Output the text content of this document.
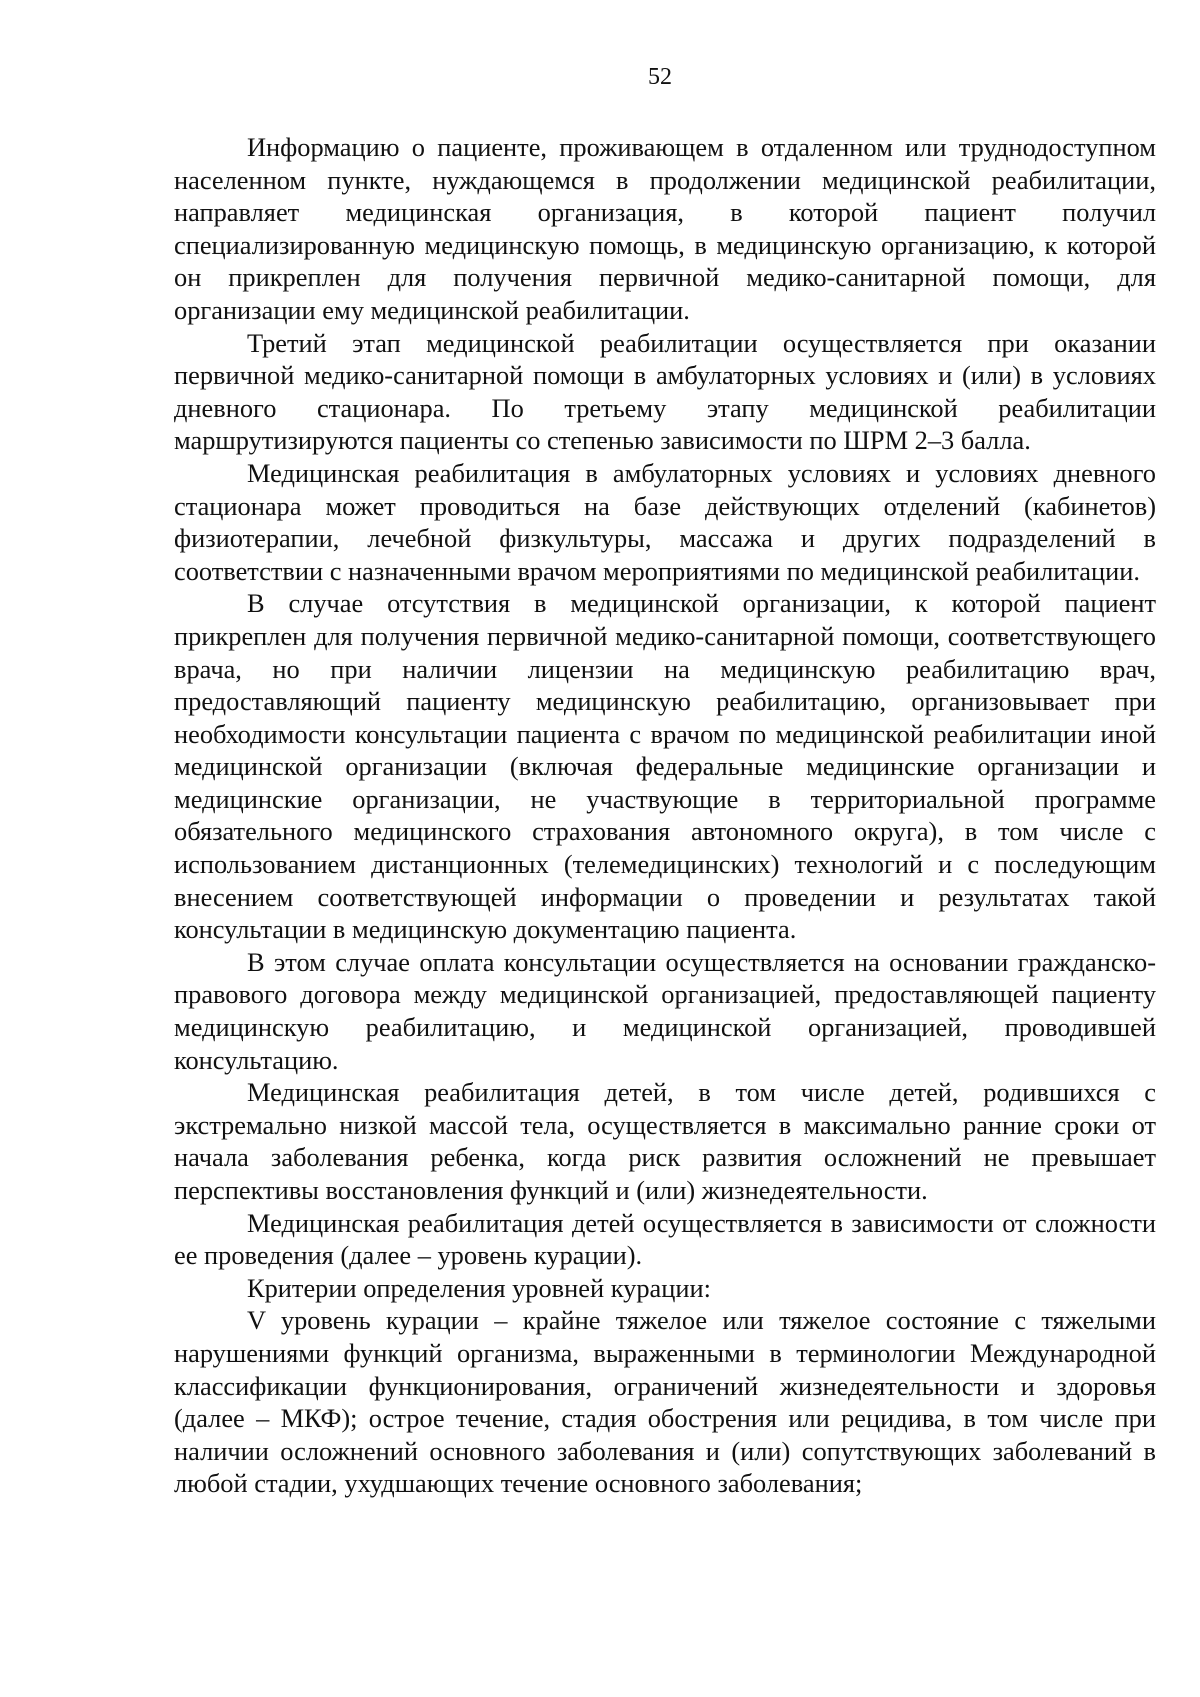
52

Информацию о пациенте, проживающем в отдаленном или труднодоступном населенном пункте, нуждающемся в продолжении медицинской реабилитации, направляет медицинская организация, в которой пациент получил специализированную медицинскую помощь, в медицинскую организацию, к которой он прикреплен для получения первичной медико-санитарной помощи, для организации ему медицинской реабилитации.

Третий этап медицинской реабилитации осуществляется при оказании первичной медико-санитарной помощи в амбулаторных условиях и (или) в условиях дневного стационара. По третьему этапу медицинской реабилитации маршрутизируются пациенты со степенью зависимости по ШРМ 2–3 балла.

Медицинская реабилитация в амбулаторных условиях и условиях дневного стационара может проводиться на базе действующих отделений (кабинетов) физиотерапии, лечебной физкультуры, массажа и других подразделений в соответствии с назначенными врачом мероприятиями по медицинской реабилитации.

В случае отсутствия в медицинской организации, к которой пациент прикреплен для получения первичной медико-санитарной помощи, соответствующего врача, но при наличии лицензии на медицинскую реабилитацию врач, предоставляющий пациенту медицинскую реабилитацию, организовывает при необходимости консультации пациента с врачом по медицинской реабилитации иной медицинской организации (включая федеральные медицинские организации и медицинские организации, не участвующие в территориальной программе обязательного медицинского страхования автономного округа), в том числе с использованием дистанционных (телемедицинских) технологий и с последующим внесением соответствующей информации о проведении и результатах такой консультации в медицинскую документацию пациента.

В этом случае оплата консультации осуществляется на основании гражданско-правового договора между медицинской организацией, предоставляющей пациенту медицинскую реабилитацию, и медицинской организацией, проводившей консультацию.

Медицинская реабилитация детей, в том числе детей, родившихся с экстремально низкой массой тела, осуществляется в максимально ранние сроки от начала заболевания ребенка, когда риск развития осложнений не превышает перспективы восстановления функций и (или) жизнедеятельности.

Медицинская реабилитация детей осуществляется в зависимости от сложности ее проведения (далее – уровень курации).

Критерии определения уровней курации:

V уровень курации – крайне тяжелое или тяжелое состояние с тяжелыми нарушениями функций организма, выраженными в терминологии Международной классификации функционирования, ограничений жизнедеятельности и здоровья (далее – МКФ); острое течение, стадия обострения или рецидива, в том числе при наличии осложнений основного заболевания и (или) сопутствующих заболеваний в любой стадии, ухудшающих течение основного заболевания;
